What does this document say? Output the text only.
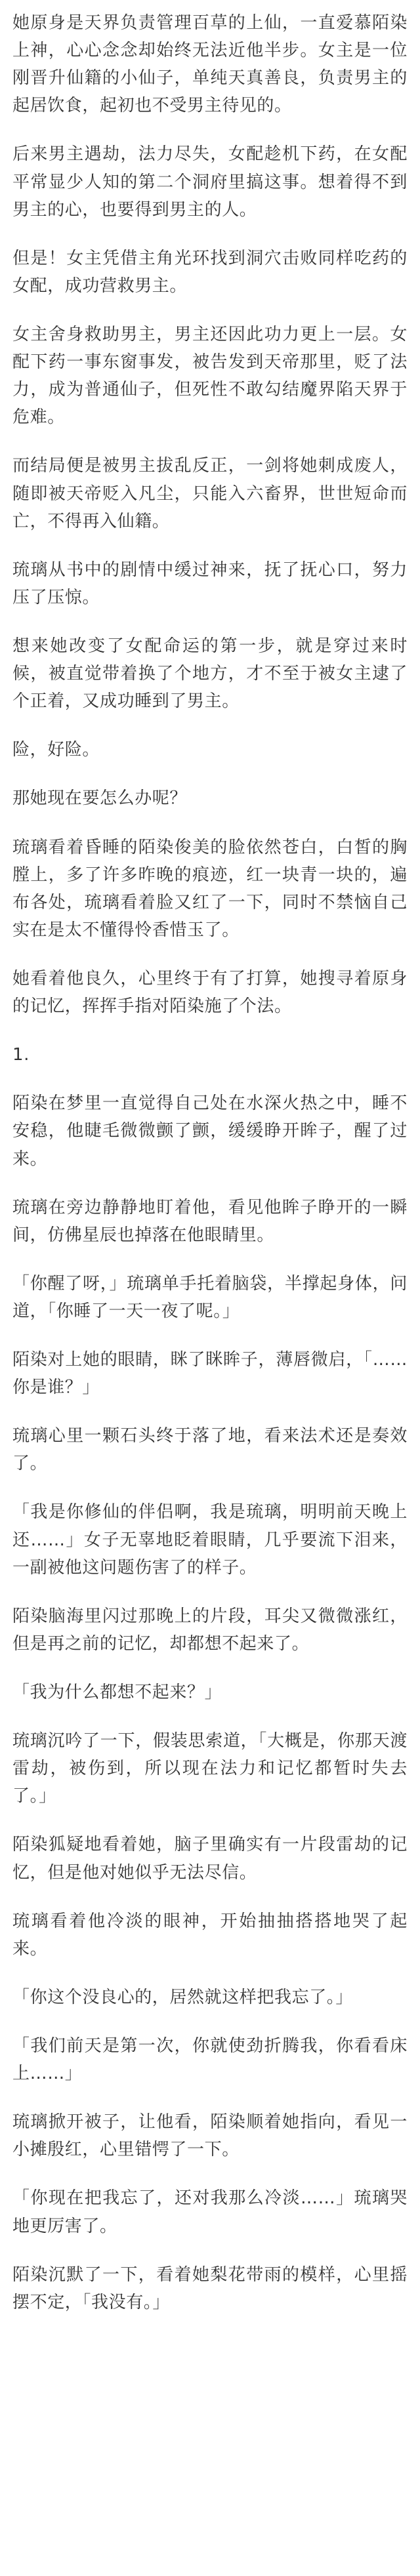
她原身是天界负责管理百草的上仙，一直爱慕陌染上神，心心念念却始终无法近他半步。女主是一位刚晋升仙籍的小仙子，单纯天真善良，负责男主的起居饮食，起初也不受男主待见的。

后来男主遇劫，法力尽失，女配趁机下药，在女配平常显少人知的第二个洞府里搞这事。想着得不到男主的心，也要得到男主的人。

但是！女主凭借主角光环找到洞穴击败同样吃药的女配，成功营救男主。

女主舍身救助男主，男主还因此功力更上一层。女配下药一事东窗事发，被告发到天帝那里，贬了法力，成为普通仙子，但死性不敢勾结魔界陷天界于危难。

而结局便是被男主拔乱反正，一剑将她刺成废人，随即被天帝贬入凡尘，只能入六畜界，世世短命而亡，不得再入仙籍。

琉璃从书中的剧情中缓过神来，抚了抚心口，努力压了压惊。

想来她改变了女配命运的第一步，就是穿过来时候，被直觉带着换了个地方，才不至于被女主逮了个正着，又成功睡到了男主。

险，好险。

那她现在要怎么办呢？

琉璃看着昏睡的陌染俊美的脸依然苍白，白皙的胸膛上，多了许多昨晚的痕迹，红一块青一块的，遍布各处，琉璃看着脸又红了一下，同时不禁恼自己实在是太不懂得怜香惜玉了。

她看着他良久，心里终于有了打算，她搜寻着原身的记忆，挥挥手指对陌染施了个法。

1.

陌染在梦里一直觉得自己处在水深火热之中，睡不安稳，他睫毛微微颤了颤，缓缓睁开眸子，醒了过来。

琉璃在旁边静静地盯着他，看见他眸子睁开的一瞬间，仿佛星辰也掉落在他眼睛里。

「你醒了呀，」琉璃单手托着脑袋，半撑起身体，问道，「你睡了一天一夜了呢。」

陌染对上她的眼睛，眯了眯眸子，薄唇微启，「……你是谁？」

琉璃心里一颗石头终于落了地，看来法术还是奏效了。

「我是你修仙的伴侣啊，我是琉璃，明明前天晚上还……」女子无辜地眨着眼睛，几乎要流下泪来，一副被他这问题伤害了的样子。

陌染脑海里闪过那晚上的片段，耳尖又微微涨红，但是再之前的记忆，却都想不起来了。

「我为什么都想不起来？」

琉璃沉吟了一下，假装思索道，「大概是，你那天渡雷劫，被伤到，所以现在法力和记忆都暂时失去了。」

陌染狐疑地看着她，脑子里确实有一片段雷劫的记忆，但是他对她似乎无法尽信。

琉璃看着他冷淡的眼神，开始抽抽搭搭地哭了起来。

「你这个没良心的，居然就这样把我忘了。」

「我们前天是第一次，你就使劲折腾我，你看看床上……」

琉璃掀开被子，让他看，陌染顺着她指向，看见一小摊殷红，心里错愕了一下。

「你现在把我忘了，还对我那么冷淡……」琉璃哭地更厉害了。

陌染沉默了一下，看着她梨花带雨的模样，心里摇摆不定，「我没有。」
